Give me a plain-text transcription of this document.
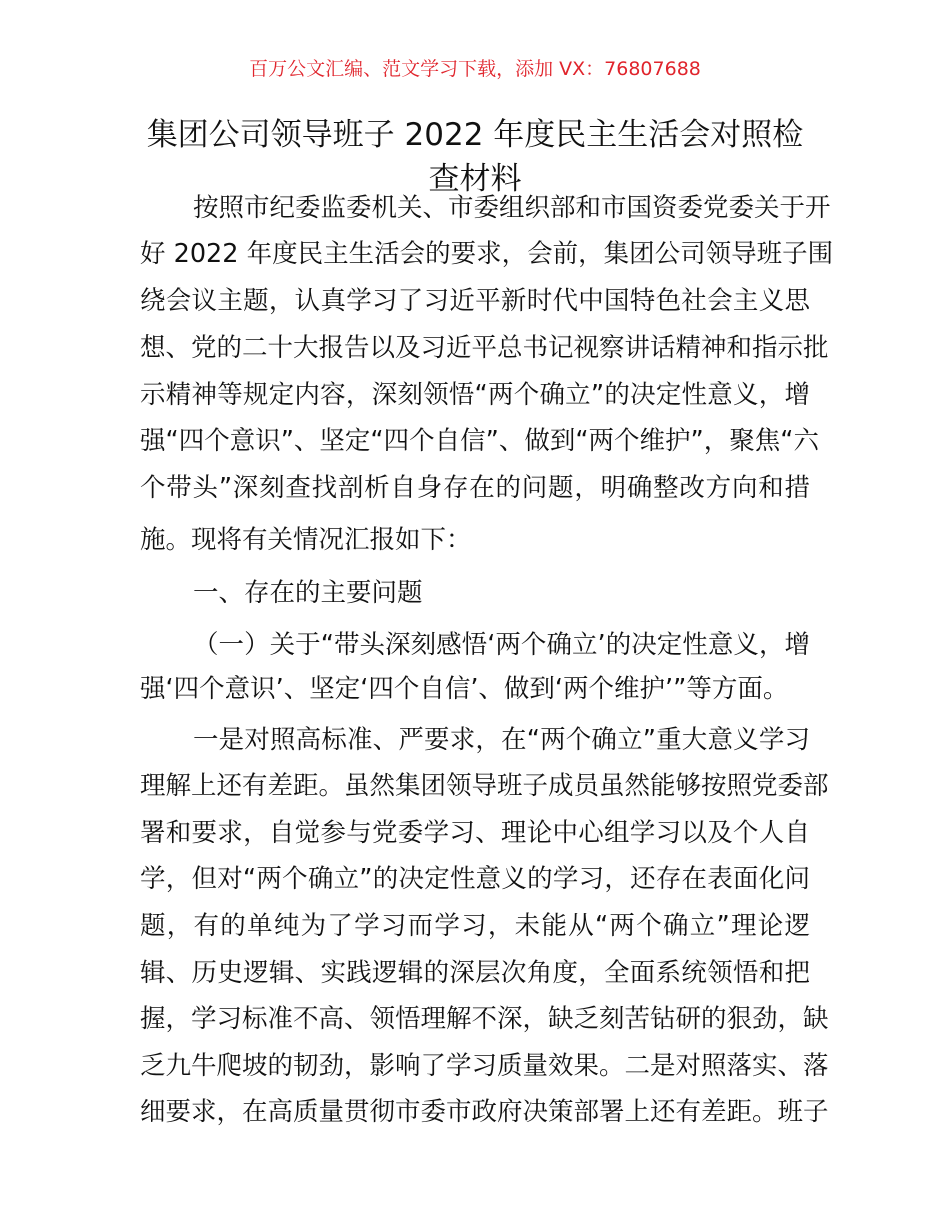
百万公文汇编、范文学习下载，添加 VX：76807688
集团公司领导班子 2022 年度民主生活会对照检
查材料
按照市纪委监委机关、市委组织部和市国资委党委关于开
好 2022 年度民主生活会的要求，会前，集团公司领导班子围
绕会议主题，认真学习了习近平新时代中国特色社会主义思
想、党的二十大报告以及习近平总书记视察讲话精神和指示批
示精神等规定内容，深刻领悟“两个确立”的决定性意义，增
强“四个意识”、坚定“四个自信”、做到“两个维护”，聚焦“六
个带头”深刻查找剖析自身存在的问题，明确整改方向和措
施。现将有关情况汇报如下：
一、存在的主要问题
（一）关于“带头深刻感悟‘两个确立’的决定性意义，增
强‘四个意识’、坚定‘四个自信’、做到‘两个维护’”等方面。
一是对照高标准、严要求，在“两个确立”重大意义学习
理解上还有差距。虽然集团领导班子成员虽然能够按照党委部
署和要求，自觉参与党委学习、理论中心组学习以及个人自
学，但对“两个确立”的决定性意义的学习，还存在表面化问
题，有的单纯为了学习而学习，未能从“两个确立”理论逻
辑、历史逻辑、实践逻辑的深层次角度，全面系统领悟和把
握，学习标准不高、领悟理解不深，缺乏刻苦钻研的狠劲，缺
乏九牛爬坡的韧劲，影响了学习质量效果。二是对照落实、落
细要求，在高质量贯彻市委市政府决策部署上还有差距。班子
